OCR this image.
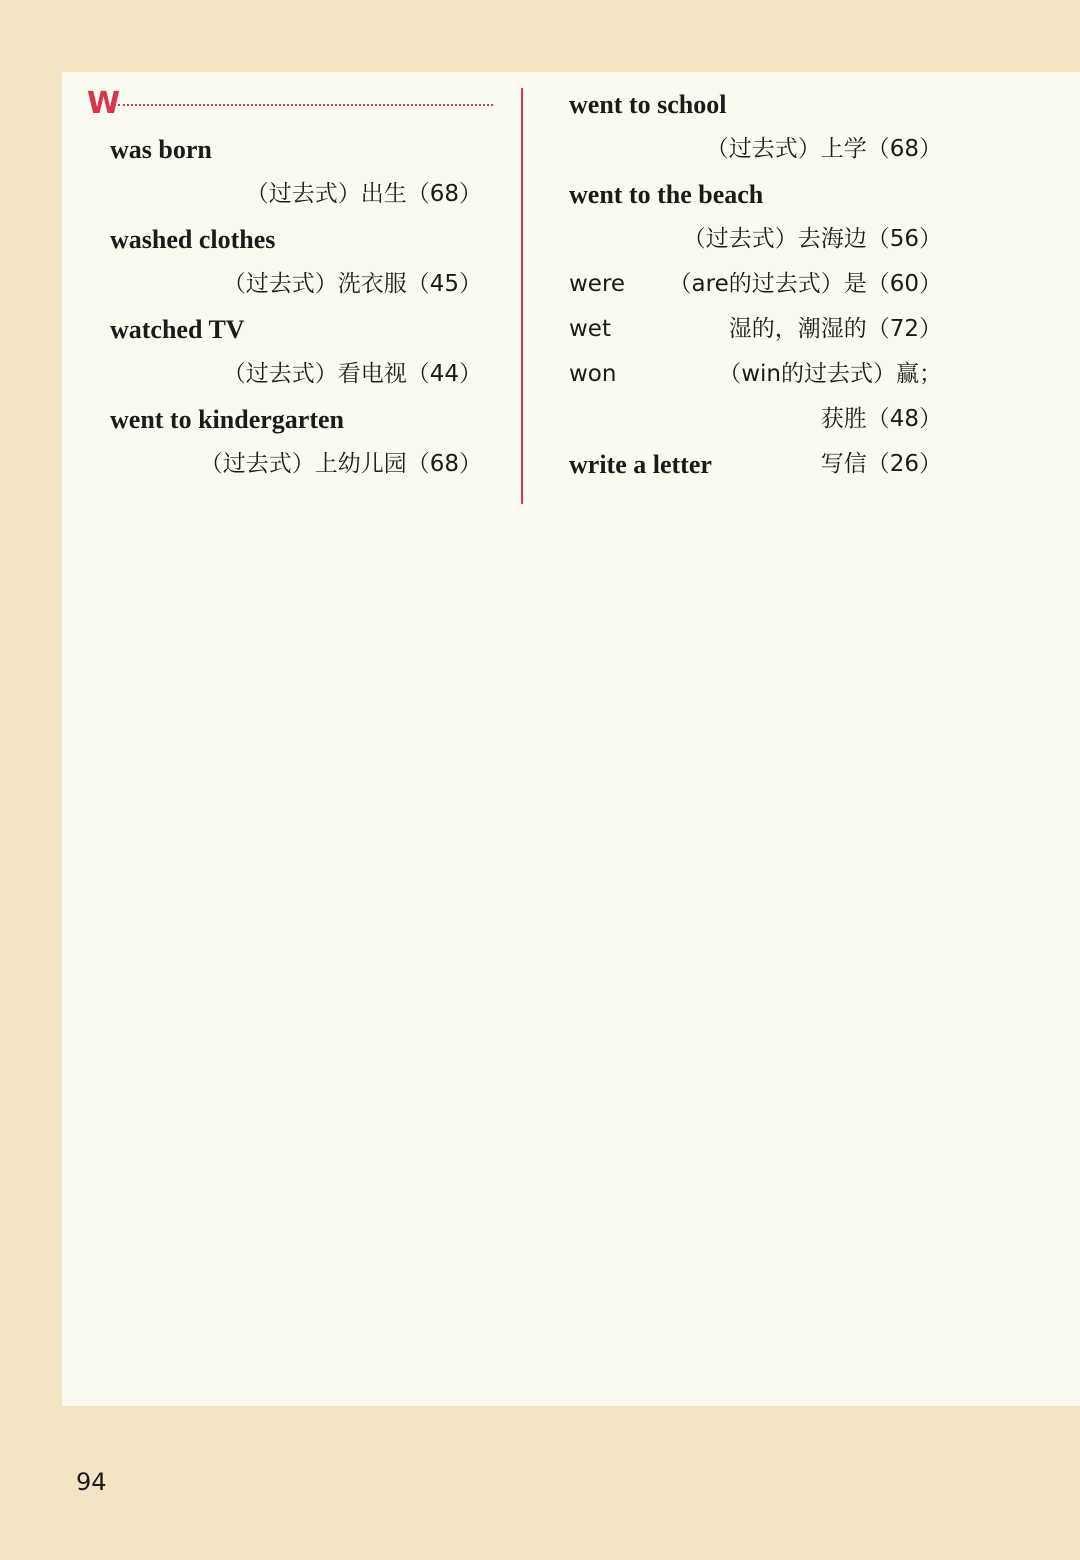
W
was born
（过去式）出生（68）
washed clothes
（过去式）洗衣服（45）
watched TV
（过去式）看电视（44）
went to kindergarten
（过去式）上幼儿园（68）
went to school
（过去式）上学（68）
went to the beach
（过去式）去海边（56）
were	（are的过去式）是（60）
wet	湿的，潮湿的（72）
won	（win的过去式）赢；
获胜（48）
write a letter	写信（26）
94
